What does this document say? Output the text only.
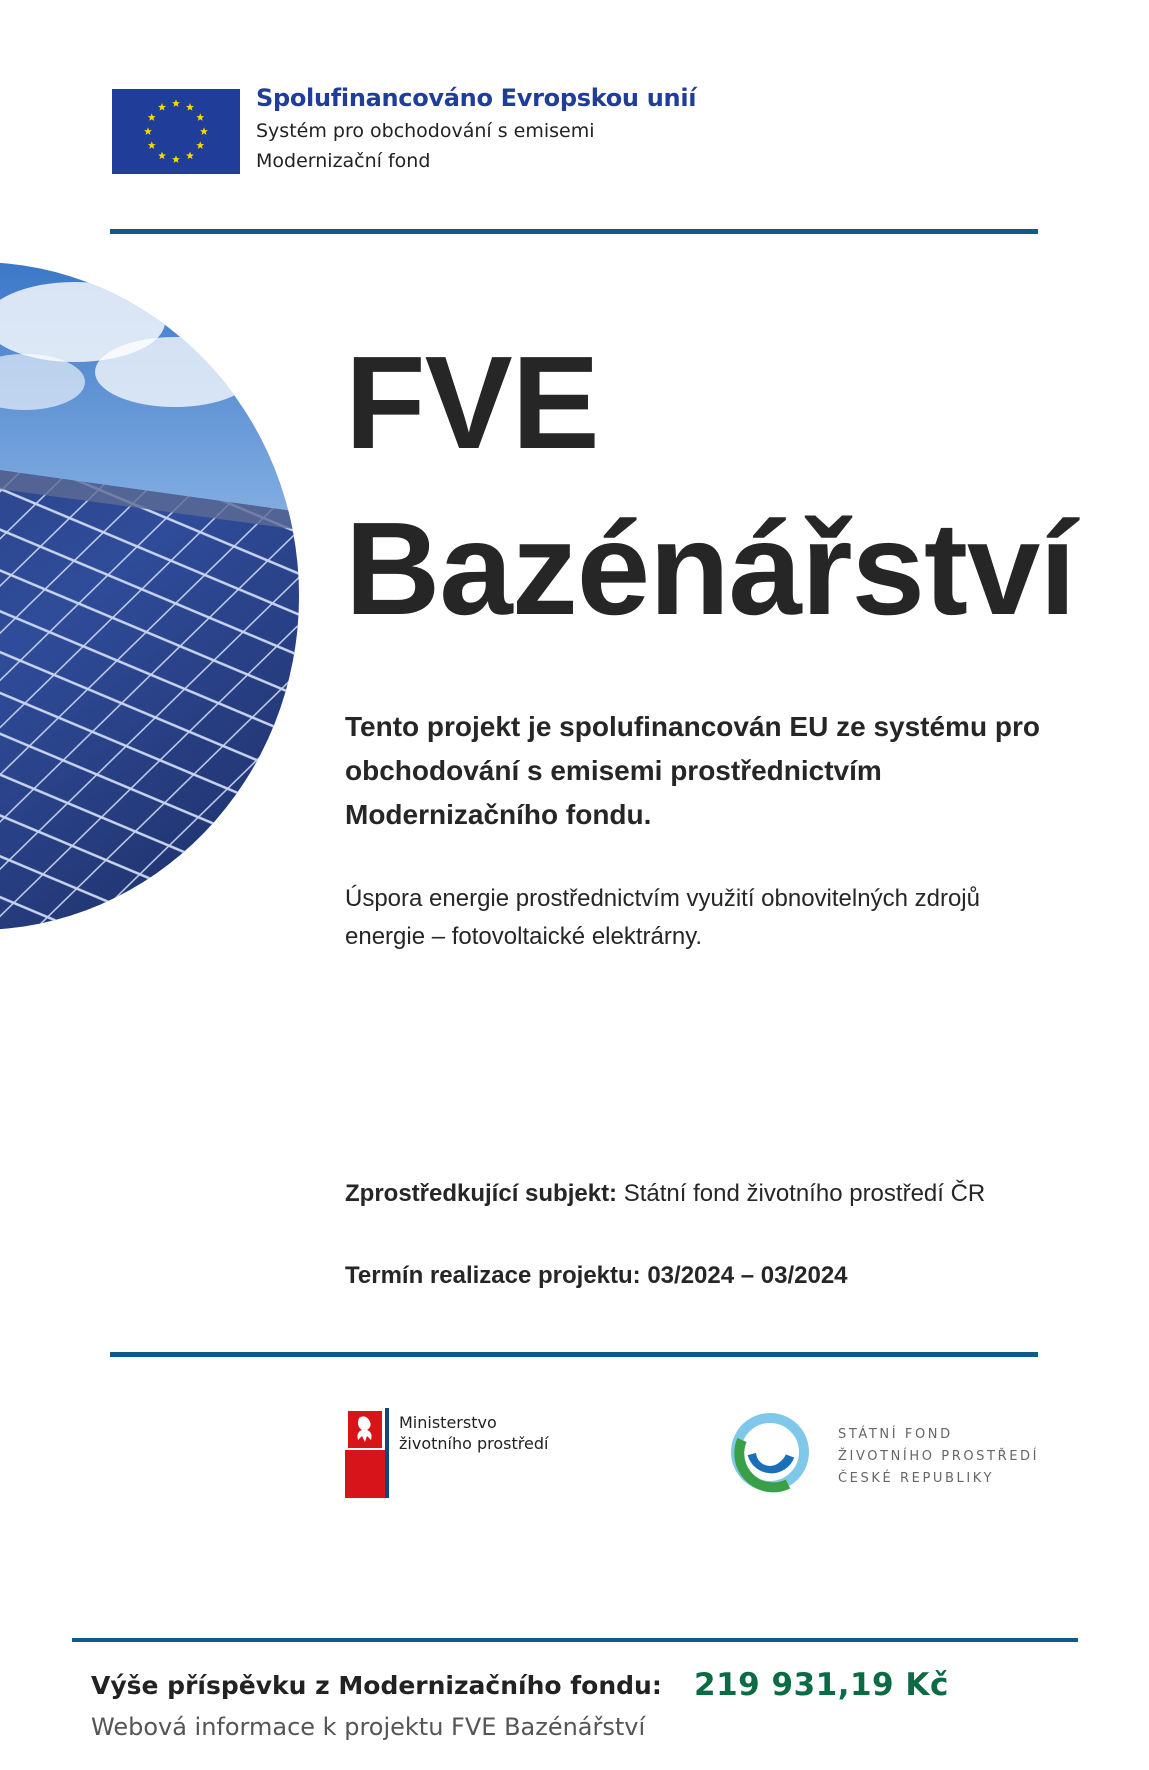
Spolufinancováno Evropskou unií
Systém pro obchodování s emisemi
Modernizační fond
FVE
Bazénářství
Tento projekt je spolufinancován EU ze systému pro obchodování s emisemi prostřednictvím Modernizačního fondu.
Úspora energie prostřednictvím využití obnovitelných zdrojů energie – fotovoltaické elektrárny.
Zprostředkující subjekt: Státní fond životního prostředí ČR
Termín realizace projektu: 03/2024 – 03/2024
Ministerstvo
životního prostředí	STÁTNÍ FOND
ŽIVOTNÍHO PROSTŘEDÍ
ČESKÉ REPUBLIKY
Výše příspěvku z Modernizačního fondu: 219 931,19 Kč
Webová informace k projektu FVE Bazénářství
